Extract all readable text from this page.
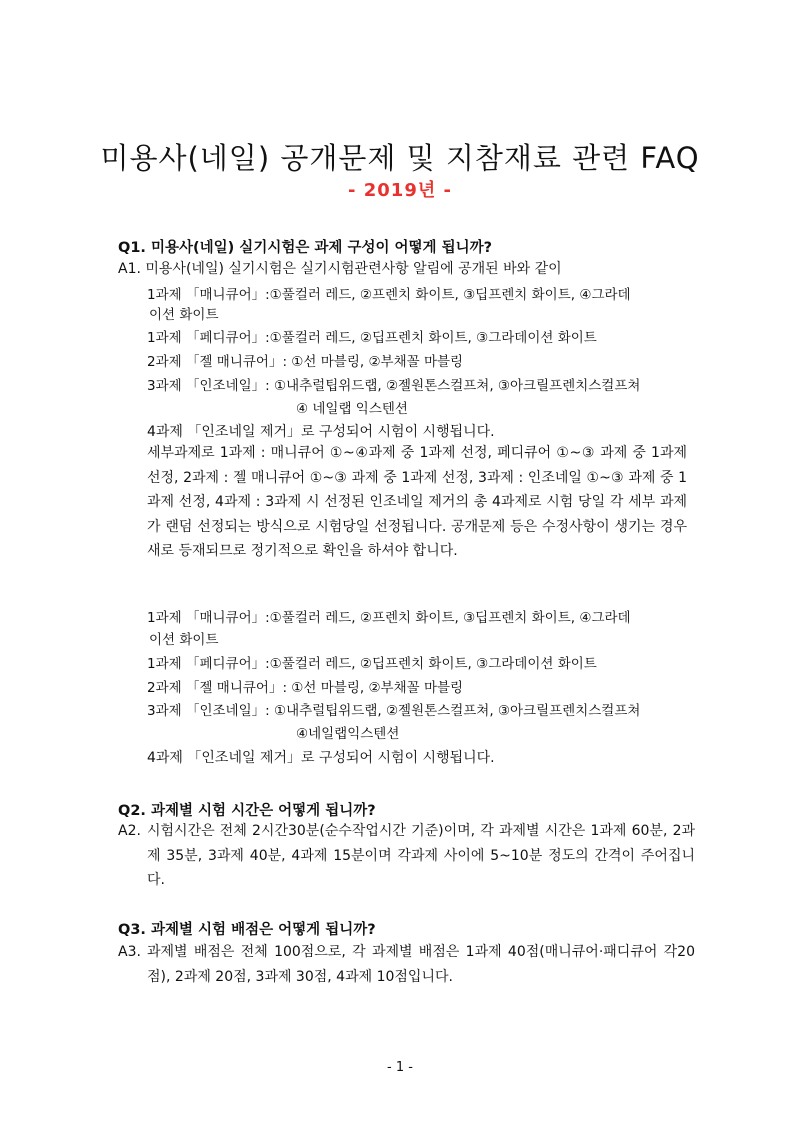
미용사(네일) 공개문제 및 지참재료 관련 FAQ
- 2019년 -
Q1. 미용사(네일) 실기시험은 과제 구성이 어떻게 됩니까?
A1. 미용사(네일) 실기시험은 실기시험관련사항 알림에 공개된 바와 같이
1과제 「매니큐어」:①풀컬러 레드, ②프렌치 화이트, ③딥프렌치 화이트, ④그라데
이션 화이트
1과제 「페디큐어」:①풀컬러 레드, ②딥프렌치 화이트, ③그라데이션 화이트
2과제 「젤 매니큐어」: ①선 마블링, ②부채꼴 마블링
3과제 「인조네일」: ①내추럴팁위드랩, ②젤원톤스컬프쳐, ③아크릴프렌치스컬프쳐
④ 네일랩 익스텐션
4과제 「인조네일 제거」로 구성되어 시험이 시행됩니다.
세부과제로 1과제 : 매니큐어 ①~④과제 중 1과제 선정, 페디큐어 ①~③ 과제 중 1과제 선정, 2과제 : 젤 매니큐어 ①~③ 과제 중 1과제 선정, 3과제 : 인조네일 ①~③ 과제 중 1과제 선정, 4과제 : 3과제 시 선정된 인조네일 제거의 총 4과제로 시험 당일 각 세부 과제가 랜덤 선정되는 방식으로 시험당일 선정됩니다. 공개문제 등은 수정사항이 생기는 경우 새로 등재되므로 정기적으로 확인을 하셔야 합니다.
1과제 「매니큐어」:①풀컬러 레드, ②프렌치 화이트, ③딥프렌치 화이트, ④그라데
이션 화이트
1과제 「페디큐어」:①풀컬러 레드, ②딥프렌치 화이트, ③그라데이션 화이트
2과제 「젤 매니큐어」: ①선 마블링, ②부채꼴 마블링
3과제 「인조네일」: ①내추럴팁위드랩, ②젤원톤스컬프쳐, ③아크릴프렌치스컬프쳐
④네일랩익스텐션
4과제 「인조네일 제거」로 구성되어 시험이 시행됩니다.
Q2. 과제별 시험 시간은 어떻게 됩니까?
A2. 시험시간은 전체 2시간30분(순수작업시간 기준)이며, 각 과제별 시간은 1과제 60분, 2과제 35분, 3과제 40분, 4과제 15분이며 각과제 사이에 5~10분 정도의 간격이 주어집니다.
Q3. 과제별 시험 배점은 어떻게 됩니까?
A3. 과제별 배점은 전체 100점으로, 각 과제별 배점은 1과제 40점(매니큐어·패디큐어 각20점), 2과제 20점, 3과제 30점, 4과제 10점입니다.
- 1 -
